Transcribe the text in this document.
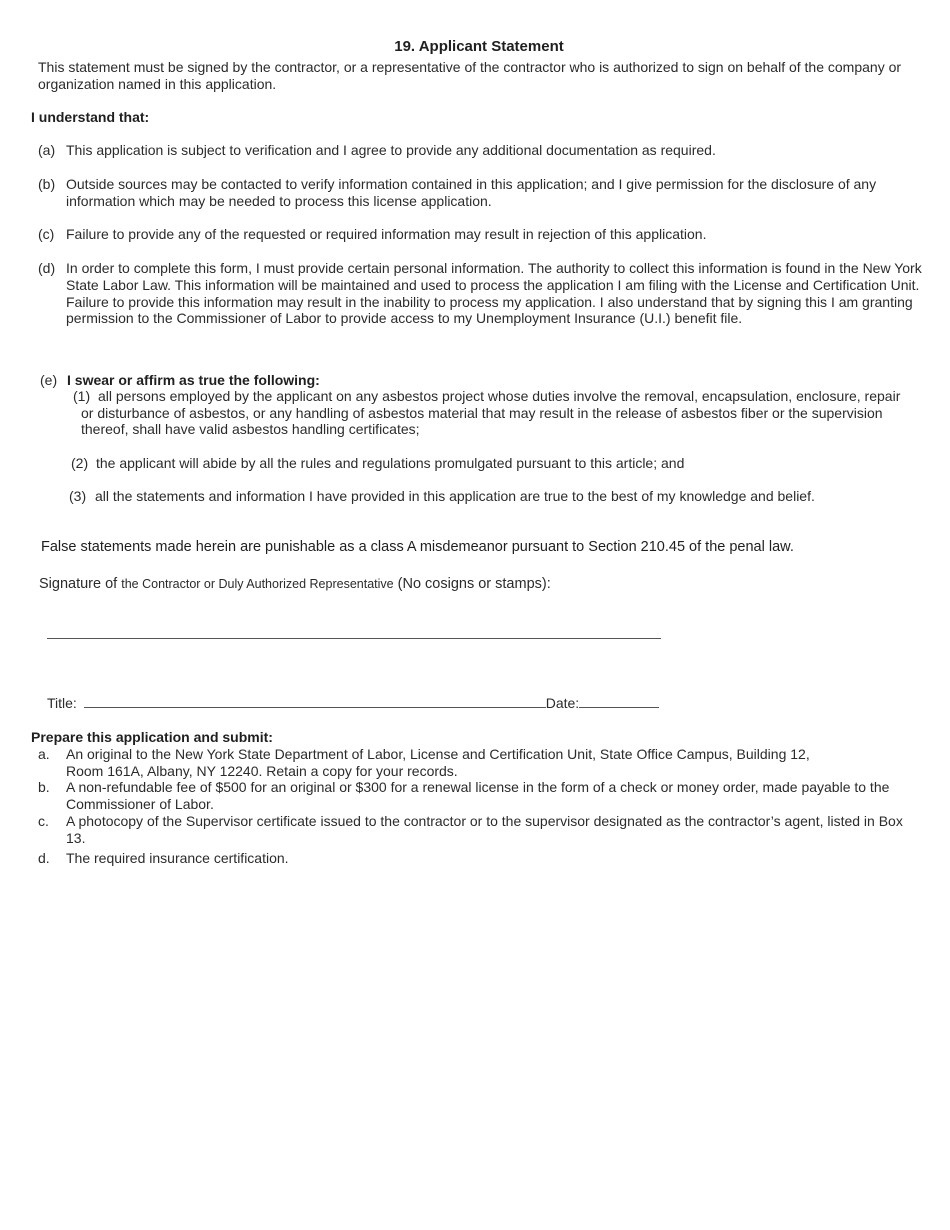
19. Applicant Statement

This statement must be signed by the contractor, or a representative of the contractor who is authorized to sign on behalf of the company or organization named in this application.

I understand that:
(a) This application is subject to verification and I agree to provide any additional documentation as required.
(b) Outside sources may be contacted to verify information contained in this application; and I give permission for the disclosure of any information which may be needed to process this license application.
(c) Failure to provide any of the requested or required information may result in rejection of this application.
(d) In order to complete this form, I must provide certain personal information. The authority to collect this information is found in the New York State Labor Law. This information will be maintained and used to process the application I am filing with the License and Certification Unit. Failure to provide this information may result in the inability to process my application. I also understand that by signing this I am granting permission to the Commissioner of Labor to provide access to my Unemployment Insurance (U.I.) benefit file.
(e) I swear or affirm as true the following:
(1) all persons employed by the applicant on any asbestos project whose duties involve the removal, encapsulation, enclosure, repair or disturbance of asbestos, or any handling of asbestos material that may result in the release of asbestos fiber or the supervision thereof, shall have valid asbestos handling certificates;
(2) the applicant will abide by all the rules and regulations promulgated pursuant to this article; and
(3) all the statements and information I have provided in this application are true to the best of my knowledge and belief.
False statements made herein are punishable as a class A misdemeanor pursuant to Section 210.45 of the penal law.
Signature of the Contractor or Duly Authorized Representative (No cosigns or stamps):
Title:	Date:
Prepare this application and submit:
a.	An original to the New York State Department of Labor, License and Certification Unit, State Office Campus, Building 12,
Room 161A, Albany, NY 12240. Retain a copy for your records.
b.	A non-refundable fee of $500 for an original or $300 for a renewal license in the form of a check or money order, made payable to the Commissioner of Labor.
c.	A photocopy of the Supervisor certificate issued to the contractor or to the supervisor designated as the contractor’s agent, listed in Box 13.
d.	The required insurance certification.
